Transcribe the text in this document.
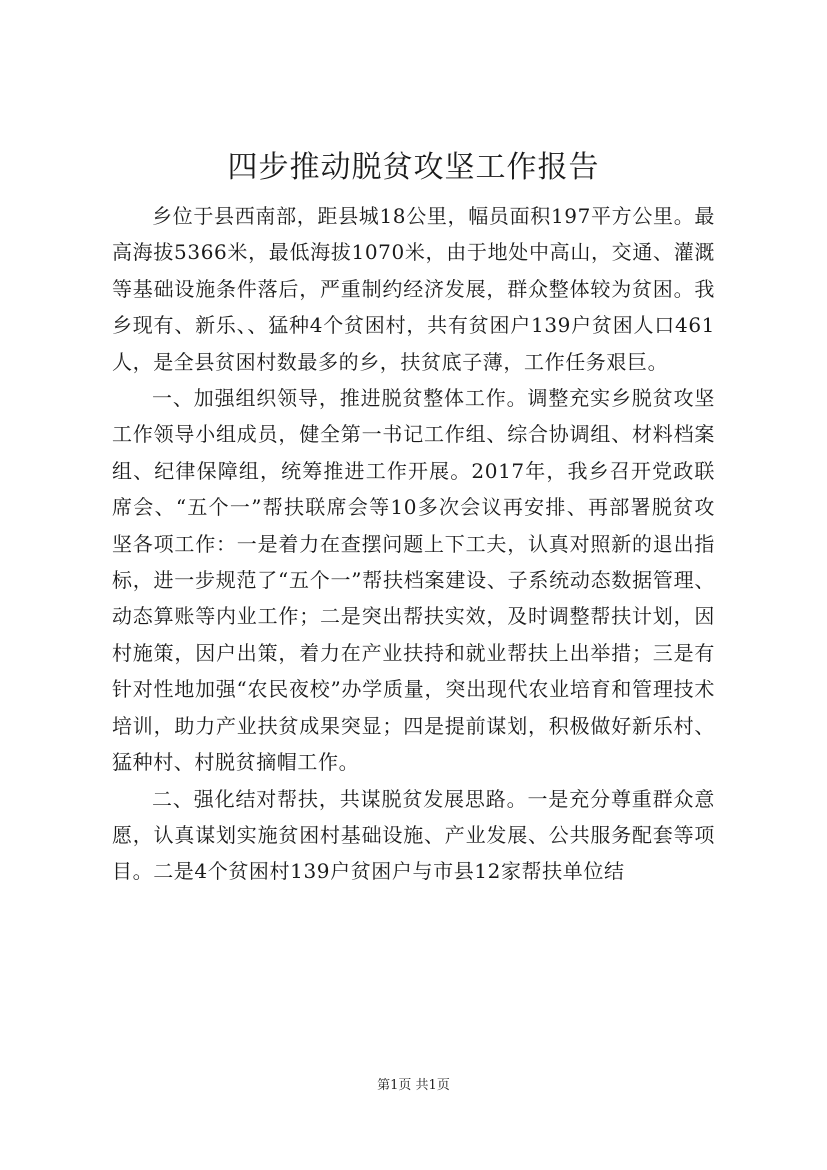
四步推动脱贫攻坚工作报告

乡位于县西南部，距县城18公里，幅员面积197平方公里。最高海拔5366米，最低海拔1070米，由于地处中高山，交通、灌溉等基础设施条件落后，严重制约经济发展，群众整体较为贫困。我乡现有、新乐、、猛种4个贫困村，共有贫困户139户贫困人口461人，是全县贫困村数最多的乡，扶贫底子薄，工作任务艰巨。

一、加强组织领导，推进脱贫整体工作。调整充实乡脱贫攻坚工作领导小组成员，健全第一书记工作组、综合协调组、材料档案组、纪律保障组，统筹推进工作开展。2017年，我乡召开党政联席会、“五个一”帮扶联席会等10多次会议再安排、再部署脱贫攻坚各项工作：一是着力在查摆问题上下工夫，认真对照新的退出指标，进一步规范了“五个一”帮扶档案建设、子系统动态数据管理、动态算账等内业工作；二是突出帮扶实效，及时调整帮扶计划，因村施策，因户出策，着力在产业扶持和就业帮扶上出举措；三是有针对性地加强“农民夜校”办学质量，突出现代农业培育和管理技术培训，助力产业扶贫成果突显；四是提前谋划，积极做好新乐村、猛种村、村脱贫摘帽工作。

二、强化结对帮扶，共谋脱贫发展思路。一是充分尊重群众意愿，认真谋划实施贫困村基础设施、产业发展、公共服务配套等项目。二是4个贫困村139户贫困户与市县12家帮扶单位结

第1页 共1页
